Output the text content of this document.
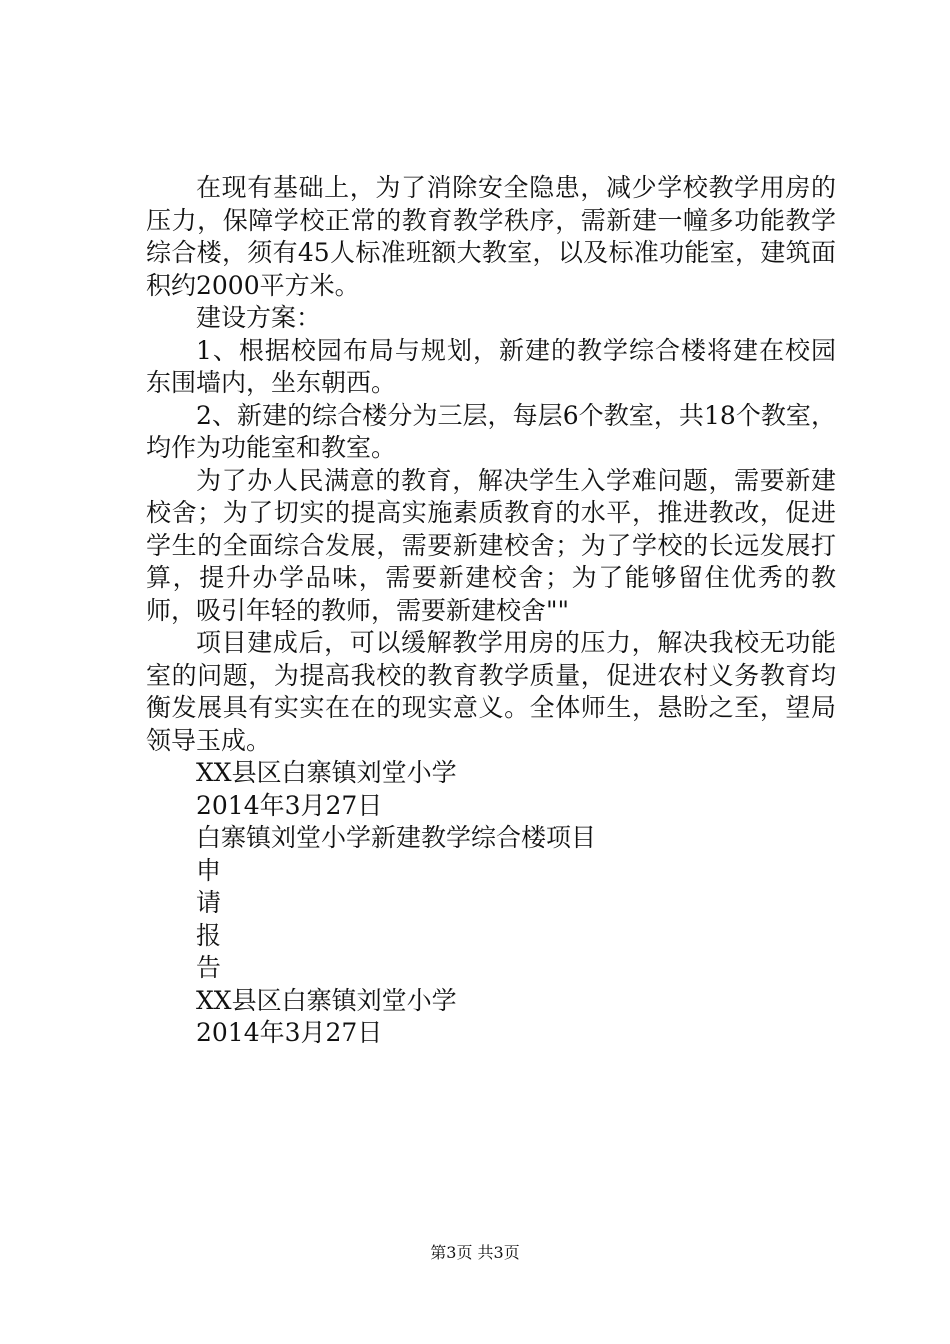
在现有基础上，为了消除安全隐患，减少学校教学用房的压力，保障学校正常的教育教学秩序，需新建一幢多功能教学综合楼，须有45人标准班额大教室，以及标准功能室，建筑面积约2000平方米。

建设方案：

1、根据校园布局与规划，新建的教学综合楼将建在校园东围墙内，坐东朝西。

2、新建的综合楼分为三层，每层6个教室，共18个教室，均作为功能室和教室。

为了办人民满意的教育，解决学生入学难问题，需要新建校舍；为了切实的提高实施素质教育的水平，推进教改，促进学生的全面综合发展，需要新建校舍；为了学校的长远发展打算，提升办学品味，需要新建校舍；为了能够留住优秀的教师，吸引年轻的教师，需要新建校舍""

项目建成后，可以缓解教学用房的压力，解决我校无功能室的问题，为提高我校的教育教学质量，促进农村义务教育均衡发展具有实实在在的现实意义。全体师生，悬盼之至，望局领导玉成。

XX县区白寨镇刘堂小学

2014年3月27日

白寨镇刘堂小学新建教学综合楼项目

申

请

报

告

XX县区白寨镇刘堂小学

2014年3月27日

第3页 共3页
